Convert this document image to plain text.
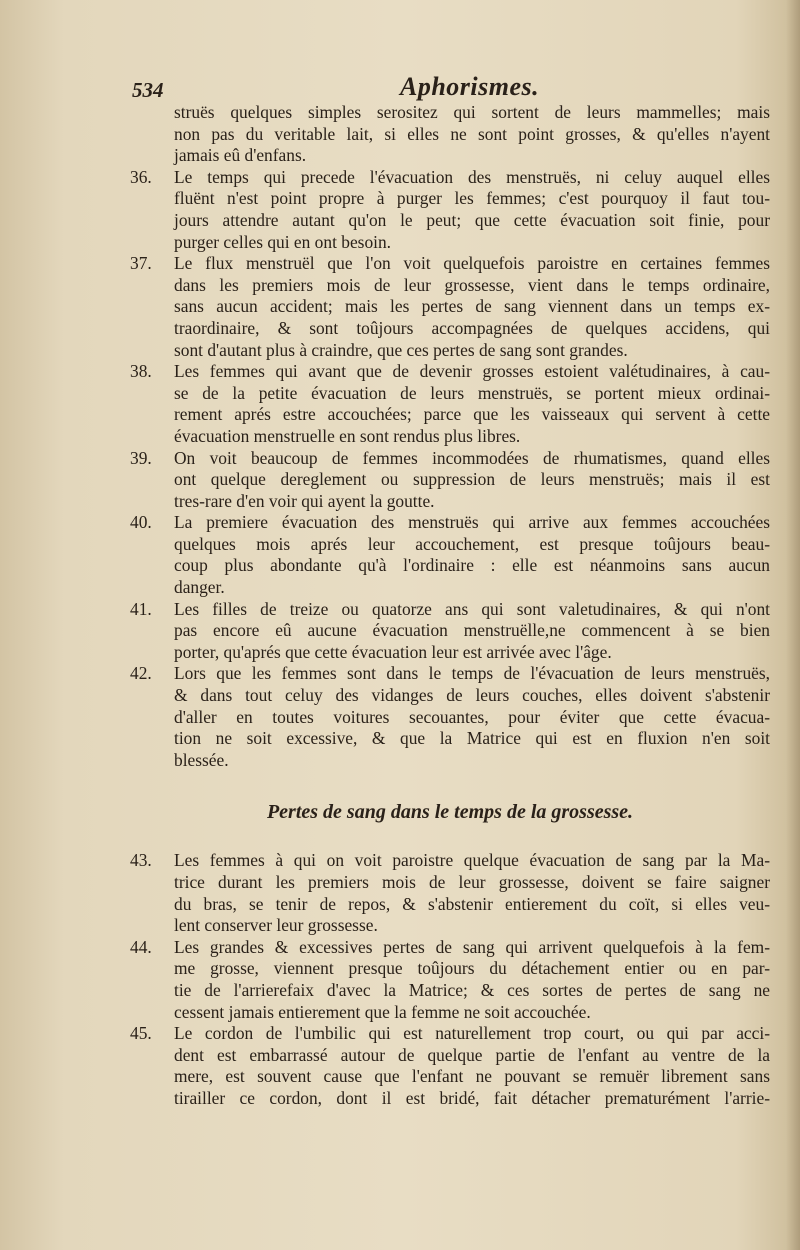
534	Aphorismes.
struës quelques simples serositez qui sortent de leurs mammelles; mais
non pas du veritable lait, si elles ne sont point grosses, & qu'elles n'ayent
jamais eû d'enfans.
36. Le temps qui precede l'évacuation des menstruës, ni celuy auquel elles
fluënt n'est point propre à purger les femmes; c'est pourquoy il faut tou-
jours attendre autant qu'on le peut; que cette évacuation soit finie, pour
purger celles qui en ont besoin.
37. Le flux menstruël que l'on voit quelquefois paroistre en certaines femmes
dans les premiers mois de leur grossesse, vient dans le temps ordinaire,
sans aucun accident; mais les pertes de sang viennent dans un temps ex-
traordinaire, & sont toûjours accompagnées de quelques accidens, qui
sont d'autant plus à craindre, que ces pertes de sang sont grandes.
38. Les femmes qui avant que de devenir grosses estoient valétudinaires, à cau-
se de la petite évacuation de leurs menstruës, se portent mieux ordinai-
rement aprés estre accouchées; parce que les vaisseaux qui servent à cette
évacuation menstruelle en sont rendus plus libres.
39. On voit beaucoup de femmes incommodées de rhumatismes, quand elles
ont quelque dereglement ou suppression de leurs menstruës; mais il est
tres-rare d'en voir qui ayent la goutte.
40. La premiere évacuation des menstruës qui arrive aux femmes accouchées
quelques mois aprés leur accouchement, est presque toûjours beau-
coup plus abondante qu'à l'ordinaire : elle est néanmoins sans aucun
danger.
41. Les filles de treize ou quatorze ans qui sont valetudinaires, & qui n'ont
pas encore eû aucune évacuation menstruëlle,ne commencent à se bien
porter, qu'aprés que cette évacuation leur est arrivée avec l'âge.
42. Lors que les femmes sont dans le temps de l'évacuation de leurs menstruës,
& dans tout celuy des vidanges de leurs couches, elles doivent s'abstenir
d'aller en toutes voitures secouantes, pour éviter que cette évacua-
tion ne soit excessive, & que la Matrice qui est en fluxion n'en soit
blessée.
Pertes de sang dans le temps de la grossesse.
43. Les femmes à qui on voit paroistre quelque évacuation de sang par la Ma-
trice durant les premiers mois de leur grossesse, doivent se faire saigner
du bras, se tenir de repos, & s'abstenir entierement du coït, si elles veu-
lent conserver leur grossesse.
44. Les grandes & excessives pertes de sang qui arrivent quelquefois à la fem-
me grosse, viennent presque toûjours du détachement entier ou en par-
tie de l'arrierefaix d'avec la Matrice; & ces sortes de pertes de sang ne
cessent jamais entierement que la femme ne soit accouchée.
45. Le cordon de l'umbilic qui est naturellement trop court, ou qui par acci-
dent est embarrassé autour de quelque partie de l'enfant au ventre de la
mere, est souvent cause que l'enfant ne pouvant se remuër librement sans
tirailler ce cordon, dont il est bridé, fait détacher prematurément l'arrie-
